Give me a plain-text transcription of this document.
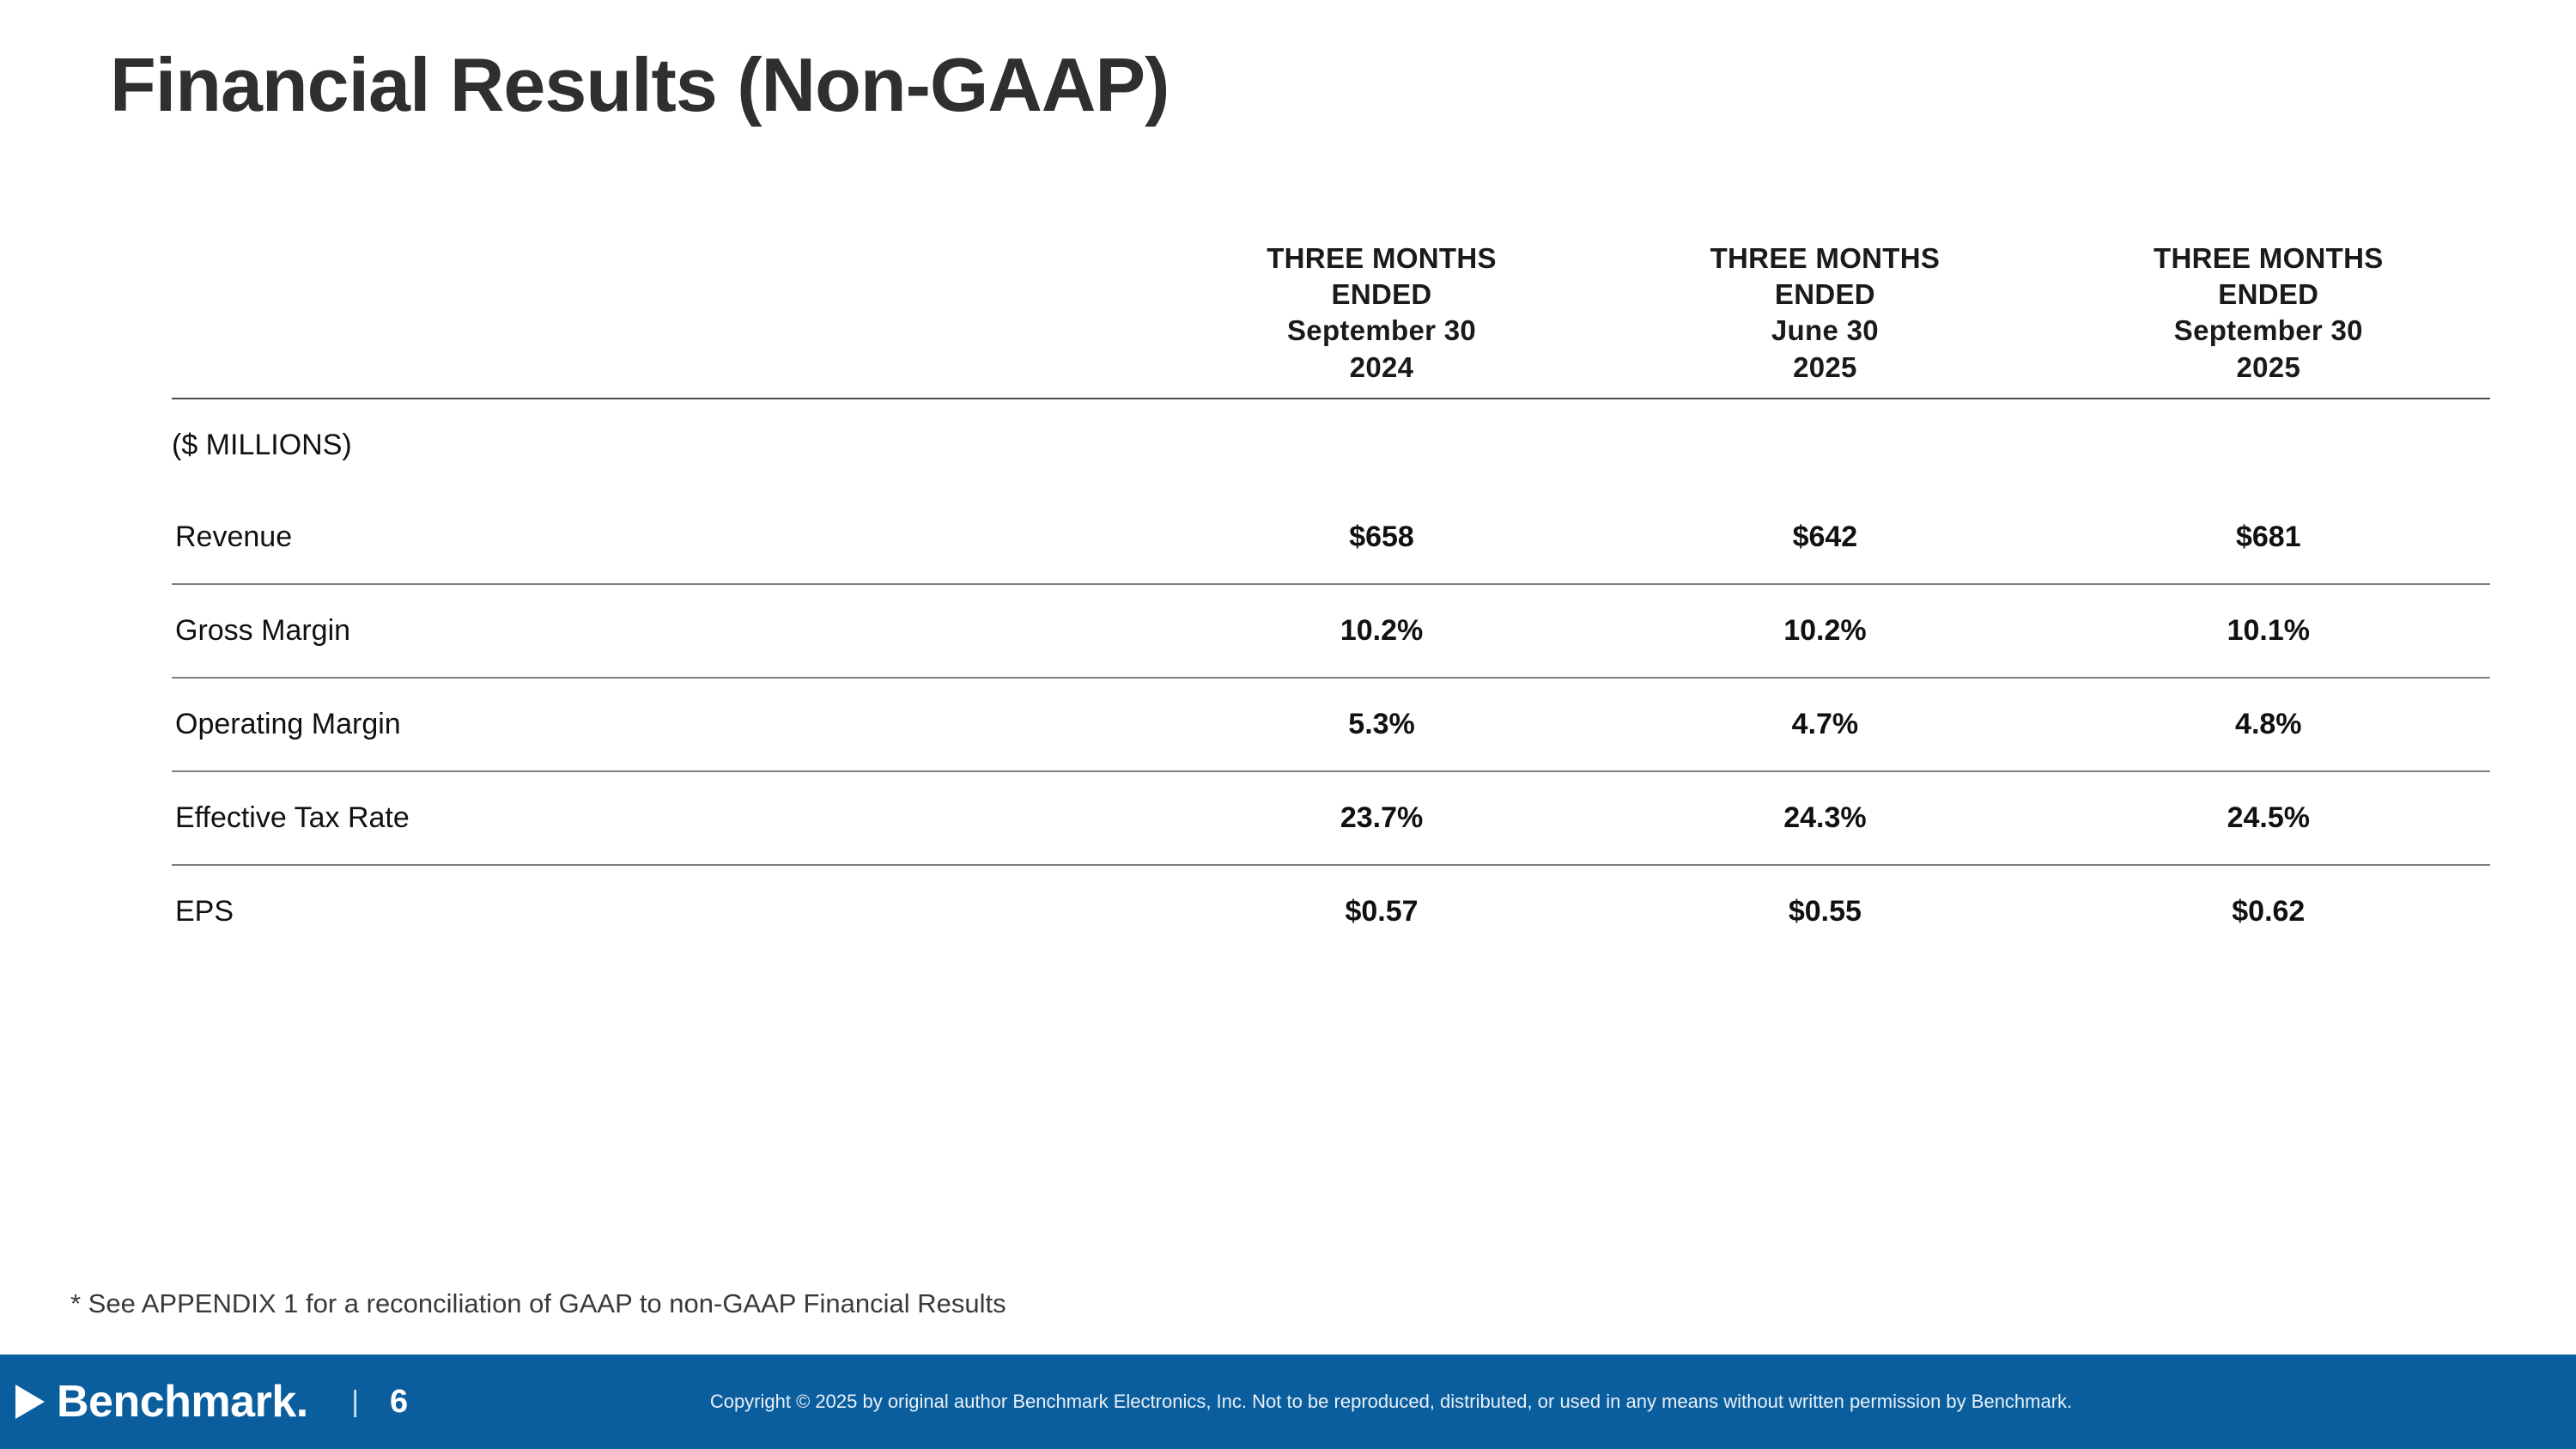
Financial Results (Non-GAAP)

THREE MONTHS
ENDED
September 30
2024

THREE MONTHS
ENDED
June 30
2025

THREE MONTHS
ENDED
September 30
2025

($ MILLIONS)			
Revenue	$658	$642	$681
Gross Margin	10.2%	10.2%	10.1%
Operating Margin	5.3%	4.7%	4.8%
Effective Tax Rate	23.7%	24.3%	24.5%
EPS	$0.57	$0.55	$0.62
* See APPENDIX 1 for a reconciliation of GAAP to non-GAAP Financial Results
Benchmark . | 6	Copyright © 2025 by original author Benchmark Electronics, Inc. Not to be reproduced, distributed, or used in any means without written permission by Benchmark.
